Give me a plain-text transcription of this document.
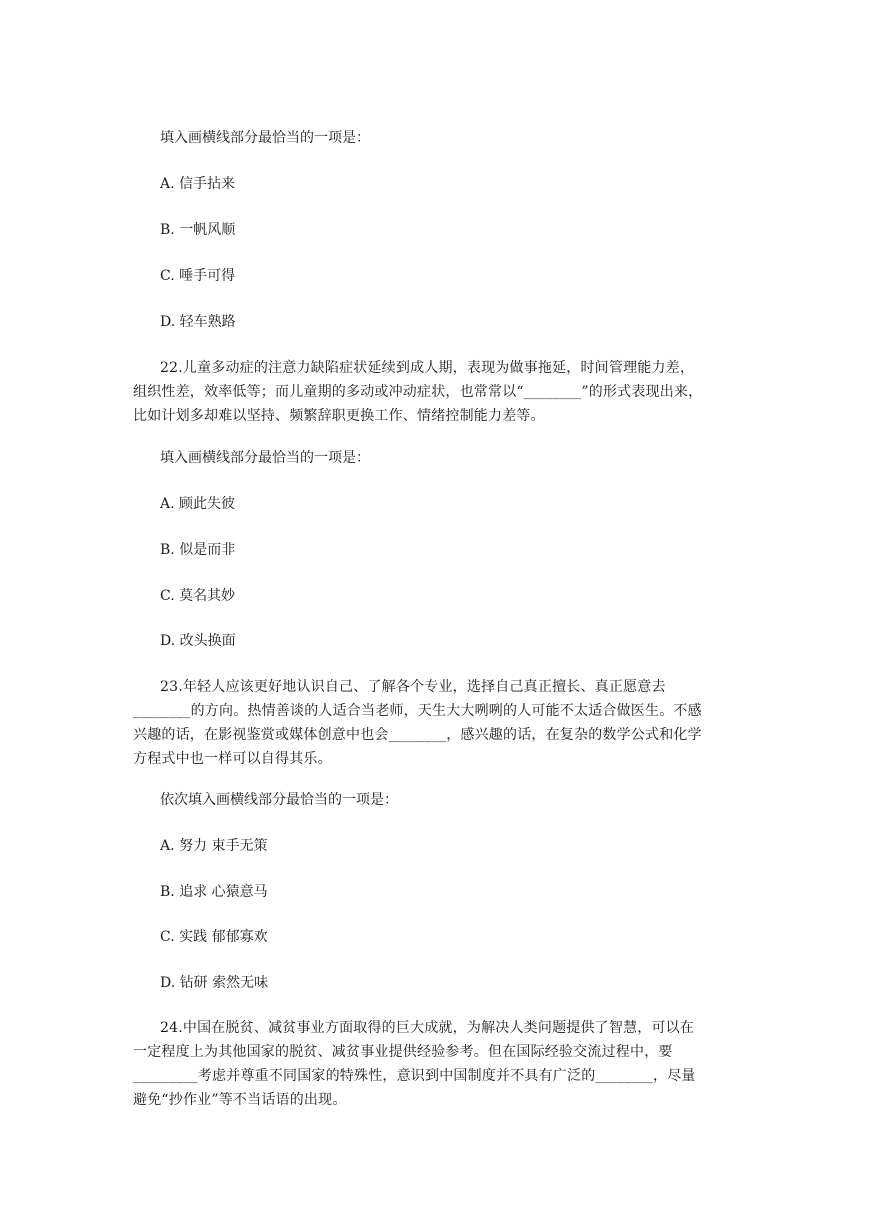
填入画横线部分最恰当的一项是：
A. 信手拈来
B. 一帆风顺
C. 唾手可得
D. 轻车熟路
22.儿童多动症的注意力缺陷症状延续到成人期，表现为做事拖延，时间管理能力差，
组织性差，效率低等；而儿童期的多动或冲动症状，也常常以“________”的形式表现出来，
比如计划多却难以坚持、频繁辞职更换工作、情绪控制能力差等。
填入画横线部分最恰当的一项是：
A. 顾此失彼
B. 似是而非
C. 莫名其妙
D. 改头换面
23.年轻人应该更好地认识自己、了解各个专业，选择自己真正擅长、真正愿意去
________的方向。热情善谈的人适合当老师，天生大大咧咧的人可能不太适合做医生。不感
兴趣的话，在影视鉴赏或媒体创意中也会________，感兴趣的话，在复杂的数学公式和化学
方程式中也一样可以自得其乐。
依次填入画横线部分最恰当的一项是：
A. 努力 束手无策
B. 追求 心猿意马
C. 实践 郁郁寡欢
D. 钻研 索然无味
24.中国在脱贫、减贫事业方面取得的巨大成就，为解决人类问题提供了智慧，可以在
一定程度上为其他国家的脱贫、减贫事业提供经验参考。但在国际经验交流过程中，要
_________考虑并尊重不同国家的特殊性，意识到中国制度并不具有广泛的________，尽量
避免“抄作业”等不当话语的出现。
